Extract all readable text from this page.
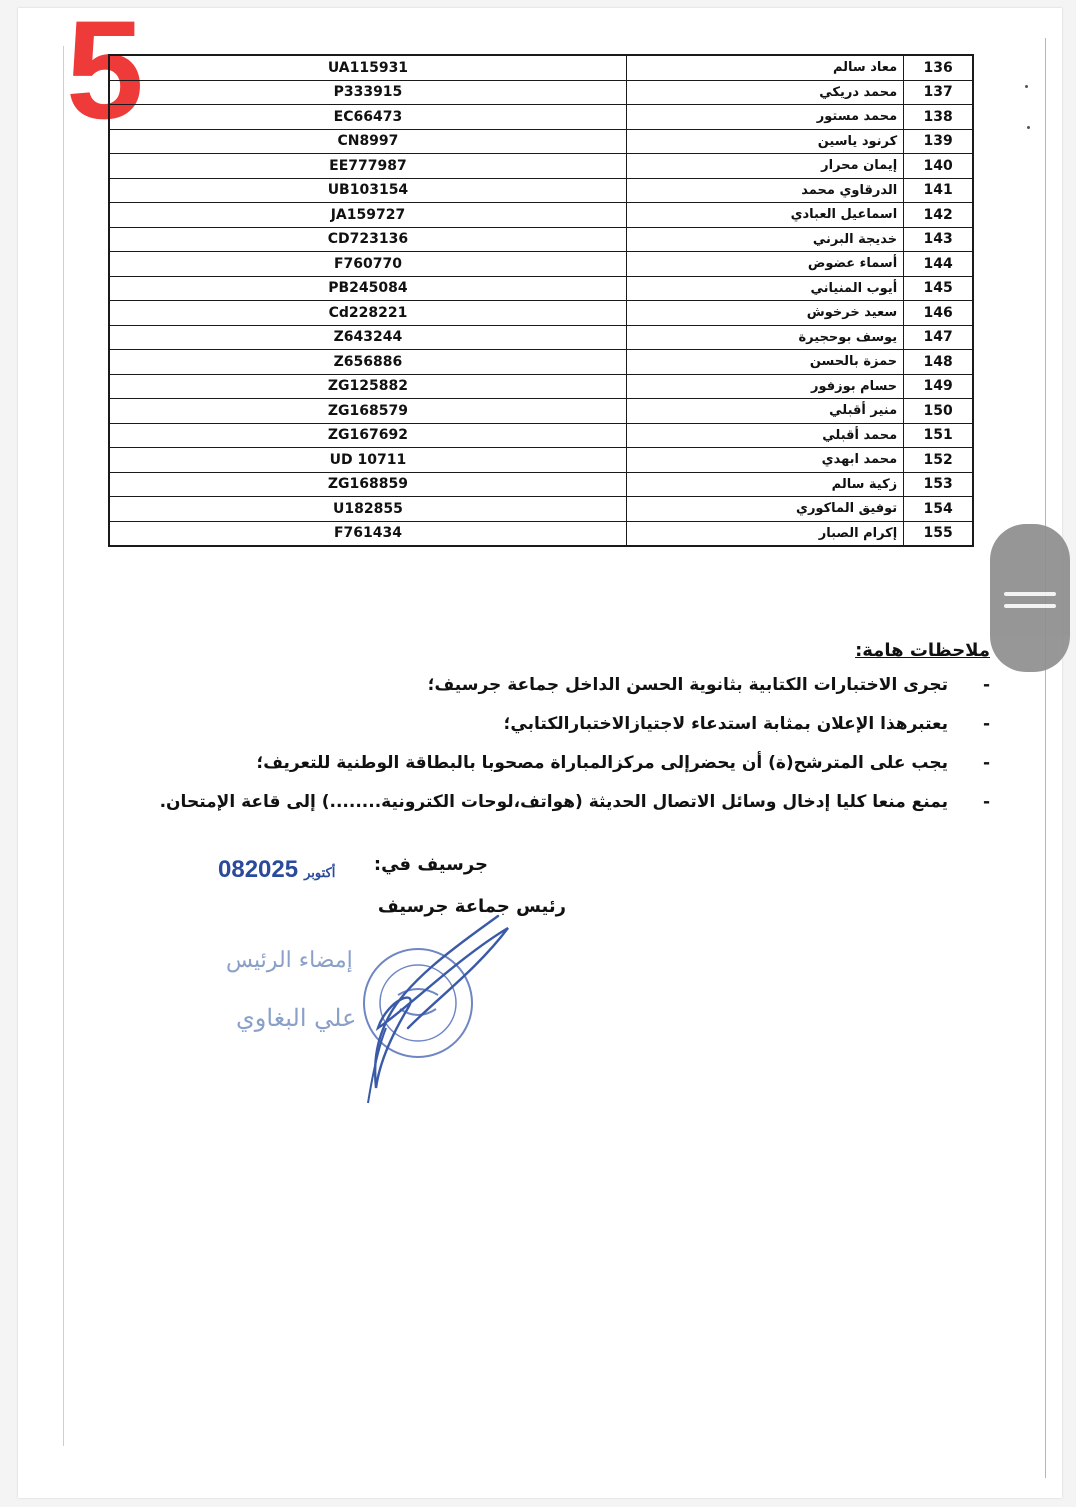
5	UA115931	معاد سالم	136
P333915	محمد دريكي	137
EC66473	محمد مستور	138
CN8997	كرنود ياسين	139
EE777987	إيمان محرار	140
UB103154	الدرقاوي محمد	141
JA159727	اسماعيل العبادي	142
CD723136	خديجة البرني	143
F760770	أسماء عضوض	144
PB245084	أيوب المنياني	145
Cd228221	سعيد خرخوش	146
Z643244	يوسف بوحجيرة	147
Z656886	حمزة بالحسن	148
ZG125882	حسام بوزفور	149
ZG168579	منير أقبلي	150
ZG167692	محمد أقبلي	151
UD 10711	محمد ابهدي	152
ZG168859	زكية سالم	153
U182855	توفيق الماكوري	154
F761434	إكرام الصبار	155
ملاحظات هامة:
-
تجرى الاختبارات الكتابية بثانوية الحسن الداخل جماعة جرسيف؛
-
يعتبرهذا الإعلان بمثابة استدعاء لاجتيازالاختبارالكتابي؛
-
يجب على المترشح(ة) أن يحضرإلى مركزالمباراة مصحوبا بالبطاقة الوطنية للتعريف؛
-
يمنع منعا كليا إدخال وسائل الاتصال الحديثة (هواتف،لوحات الكترونية........) إلى قاعة الإمتحان.
جرسيف في:
08	أكتوبر2025
رئيس جماعة جرسيف
إمضاء الرئيس
علي البغاوي
